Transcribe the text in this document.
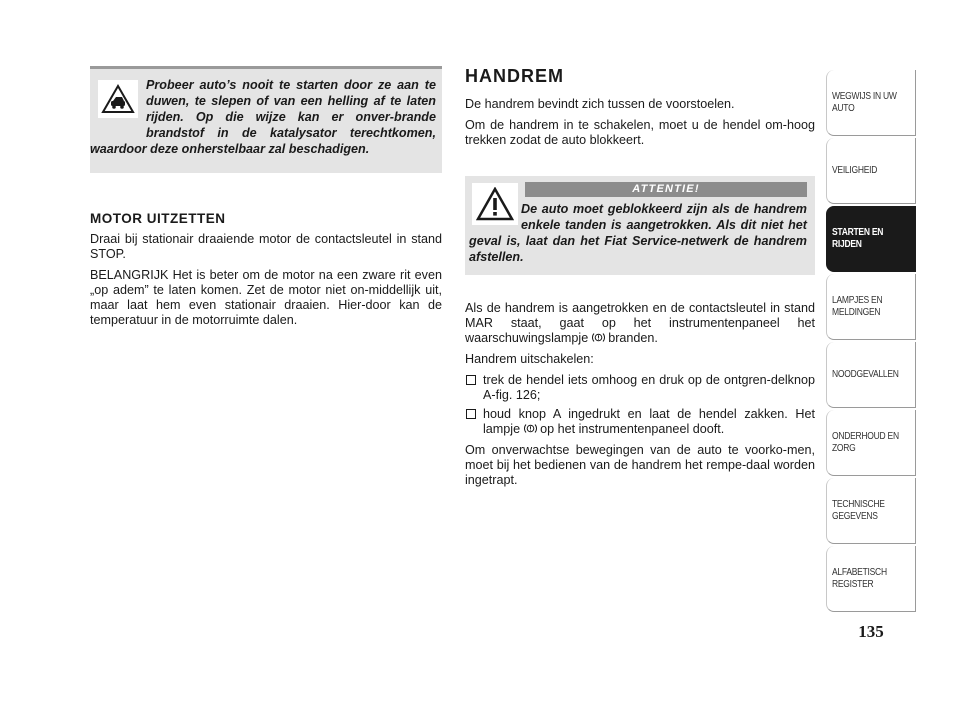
Probeer auto’s nooit te starten door ze aan te duwen, te slepen of van een helling af te laten rijden. Op die wijze kan er onver-brande brandstof in de katalysator terechtkomen, waardoor deze onherstelbaar zal beschadigen.

MOTOR UITZETTEN

Draai bij stationair draaiende motor de contactsleutel in stand STOP.

BELANGRIJK Het is beter om de motor na een zware rit even „op adem” te laten komen. Zet de motor niet on-middellijk uit, maar laat hem even stationair draaien. Hier-door kan de temperatuur in de motorruimte dalen.

HANDREM

De handrem bevindt zich tussen de voorstoelen.

Om de handrem in te schakelen, moet u de hendel om-hoog trekken zodat de auto blokkeert.

ATTENTIE!

De auto moet geblokkeerd zijn als de handrem enkele tanden is aangetrokken. Als dit niet het geval is, laat dan het Fiat Service-netwerk de handrem afstellen.

Als de handrem is aangetrokken en de contactsleutel in stand MAR staat, gaat op het instrumentenpaneel het waarschuwingslampje branden.

Handrem uitschakelen:

trek de hendel iets omhoog en druk op de ontgren-delknop A-fig. 126;
houd knop A ingedrukt en laat de hendel zakken. Het lampje op het instrumentenpaneel dooft.

Om onverwachtse bewegingen van de auto te voorko-men, moet bij het bedienen van de handrem het rempe-daal worden ingetrapt.

WEGWIJS IN UW AUTO
VEILIGHEID
STARTEN EN RIJDEN
LAMPJES EN MELDINGEN
NOODGEVALLEN
ONDERHOUD EN ZORG
TECHNISCHE GEGEVENS
ALFABETISCH REGISTER
135
